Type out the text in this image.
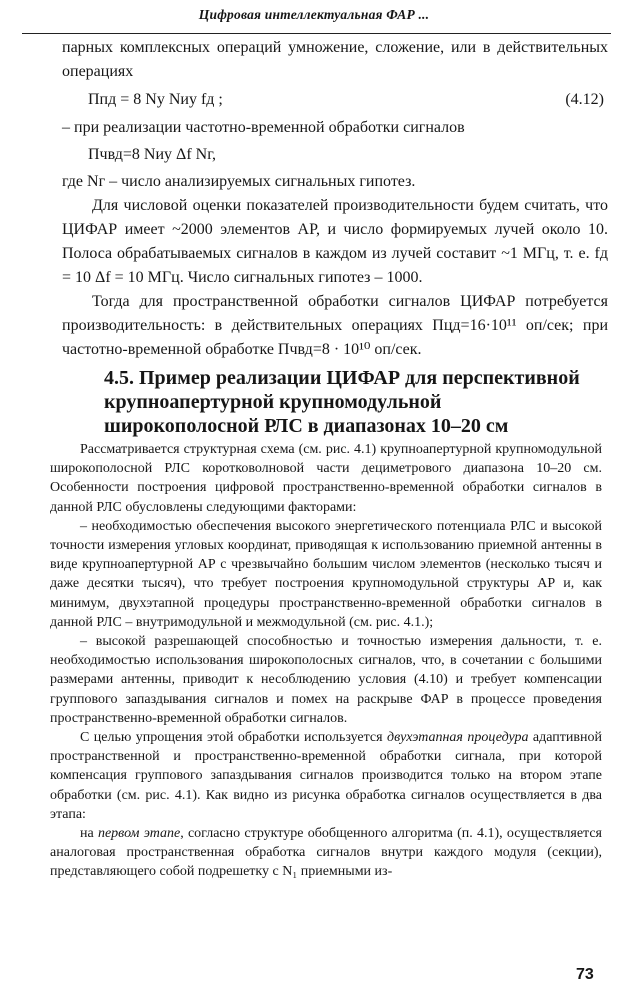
Цифровая интеллектуальная ФАР ...

парных комплексных операций умножение, сложение, или в действительных операциях

Ппд = 8 Nу Nиу fд ;	(4.12)

– при реализации частотно-временной обработки сигналов

Пчвд=8 Nиу Δf Nг,

где Nг – число анализируемых сигнальных гипотез.

Для числовой оценки показателей производительности будем считать, что ЦИФАР имеет ~2000 элементов АР, и число формируемых лучей около 10. Полоса обрабатываемых сигналов в каждом из лучей составит ~1 МГц, т. е. fд = 10 Δf = 10 МГц. Число сигнальных гипотез – 1000.

Тогда для пространственной обработки сигналов ЦИФАР потребуется производительность: в действительных операциях Пцд=16·10¹¹ оп/сек; при частотно-временной обработке Пчвд=8 · 10¹⁰ оп/сек.

4.5. Пример реализации ЦИФАР для перспективной
крупноапертурной крупномодульной
широкополосной РЛС в диапазонах 10–20 см

Рассматривается структурная схема (см. рис. 4.1) крупноапертурной крупномодульной широкополосной РЛС коротковолновой части дециметрового диапазона 10–20 см. Особенности построения цифровой пространственно-временной обработки сигналов в данной РЛС обусловлены следующими факторами:

– необходимостью обеспечения высокого энергетического потенциала РЛС и высокой точности измерения угловых координат, приводящая к использованию приемной антенны в виде крупноапертурной АР с чрезвычайно большим числом элементов (несколько тысяч и даже десятки тысяч), что требует построения крупномодульной структуры АР и, как минимум, двухэтапной процедуры пространственно-временной обработки сигналов в данной РЛС – внутримодульной и межмодульной (см. рис. 4.1.);

– высокой разрешающей способностью и точностью измерения дальности, т. е. необходимостью использования широкополосных сигналов, что, в сочетании с большими размерами антенны, приводит к несоблюдению условия (4.10) и требует компенсации группового запаздывания сигналов и помех на раскрыве ФАР в процессе проведения пространственно-временной обработки сигналов.

С целью упрощения этой обработки используется двухэтапная процедура адаптивной пространственной и пространственно-временной обработки сигнала, при которой компенсация группового запаздывания сигналов производится только на втором этапе обработки (см. рис. 4.1). Как видно из рисунка обработка сигналов осуществляется в два этапа:

на первом этапе, согласно структуре обобщенного алгоритма (п. 4.1), осуществляется аналоговая пространственная обработка сигналов внутри каждого модуля (секции), представляющего собой подрешетку с N₁ приемными из-

73
